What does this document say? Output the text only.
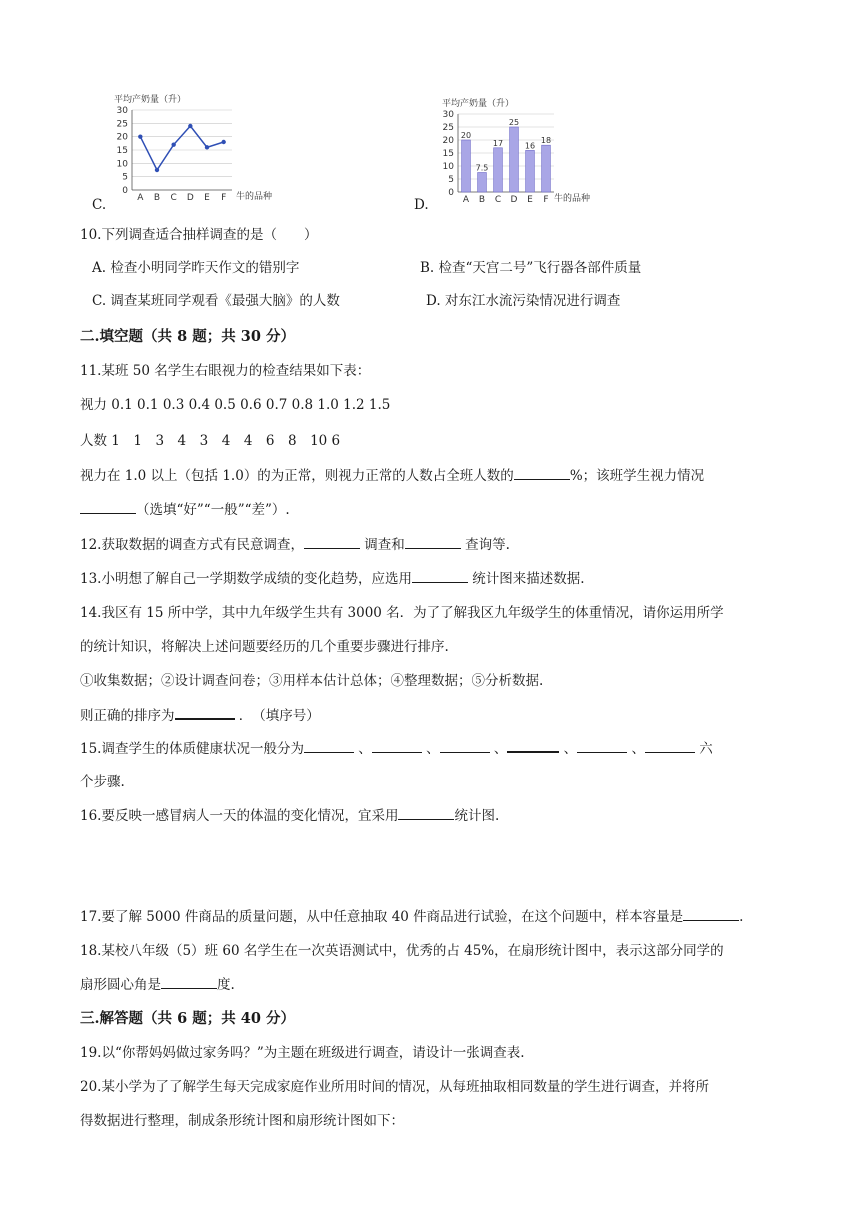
平均产奶量（升）
0
5
10
15
20
25
30
A B C D E F 牛的品种
平均产奶量（升）
0
5
10
15
20
25
30
20
7.5
17
25
16
18
A B C D E F 牛的品种
C.	D.
10.下列调查适合抽样调查的是（　　）
A. 检查小明同学昨天作文的错别字	B. 检查“天宫二号”飞行器各部件质量
C. 调查某班同学观看《最强大脑》的人数	D. 对东江水流污染情况进行调查
二.填空题（共 8 题；共 30 分）
11.某班 50 名学生右眼视力的检查结果如下表：
视力 0.1 0.1 0.3 0.4 0.5 0.6 0.7 0.8 1.0 1.2 1.5
人数 1　1　3　4　3　4　4　6　8　10 6
视力在 1.0 以上（包括 1.0）的为正常，则视力正常的人数占全班人数的	%；该班学生视力情况
（选填“好”“一般”“差”）.
12.获取数据的调查方式有民意调查，	调查和	查询等.
13.小明想了解自己一学期数学成绩的变化趋势，应选用	统计图来描述数据.
14.我区有 15 所中学，其中九年级学生共有 3000 名．为了了解我区九年级学生的体重情况，请你运用所学
的统计知识，将解决上述问题要经历的几个重要步骤进行排序.
①收集数据；②设计调查问卷；③用样本估计总体；④整理数据；⑤分析数据.
则正确的排序为	．　（填序号）
15.调查学生的体质健康状况一般分为	、	、	、	、	、	六
个步骤.
16.要反映一感冒病人一天的体温的变化情况，宜采用	统计图.
17.要了解 5000 件商品的质量问题，从中任意抽取 40 件商品进行试验，在这个问题中，样本容量是	.
18.某校八年级（5）班 60 名学生在一次英语测试中，优秀的占 45%，在扇形统计图中，表示这部分同学的
扇形圆心角是	度.
三.解答题（共 6 题；共 40 分）
19.以“你帮妈妈做过家务吗？”为主题在班级进行调查，请设计一张调查表.
20.某小学为了了解学生每天完成家庭作业所用时间的情况，从每班抽取相同数量的学生进行调查，并将所
得数据进行整理，制成条形统计图和扇形统计图如下：
